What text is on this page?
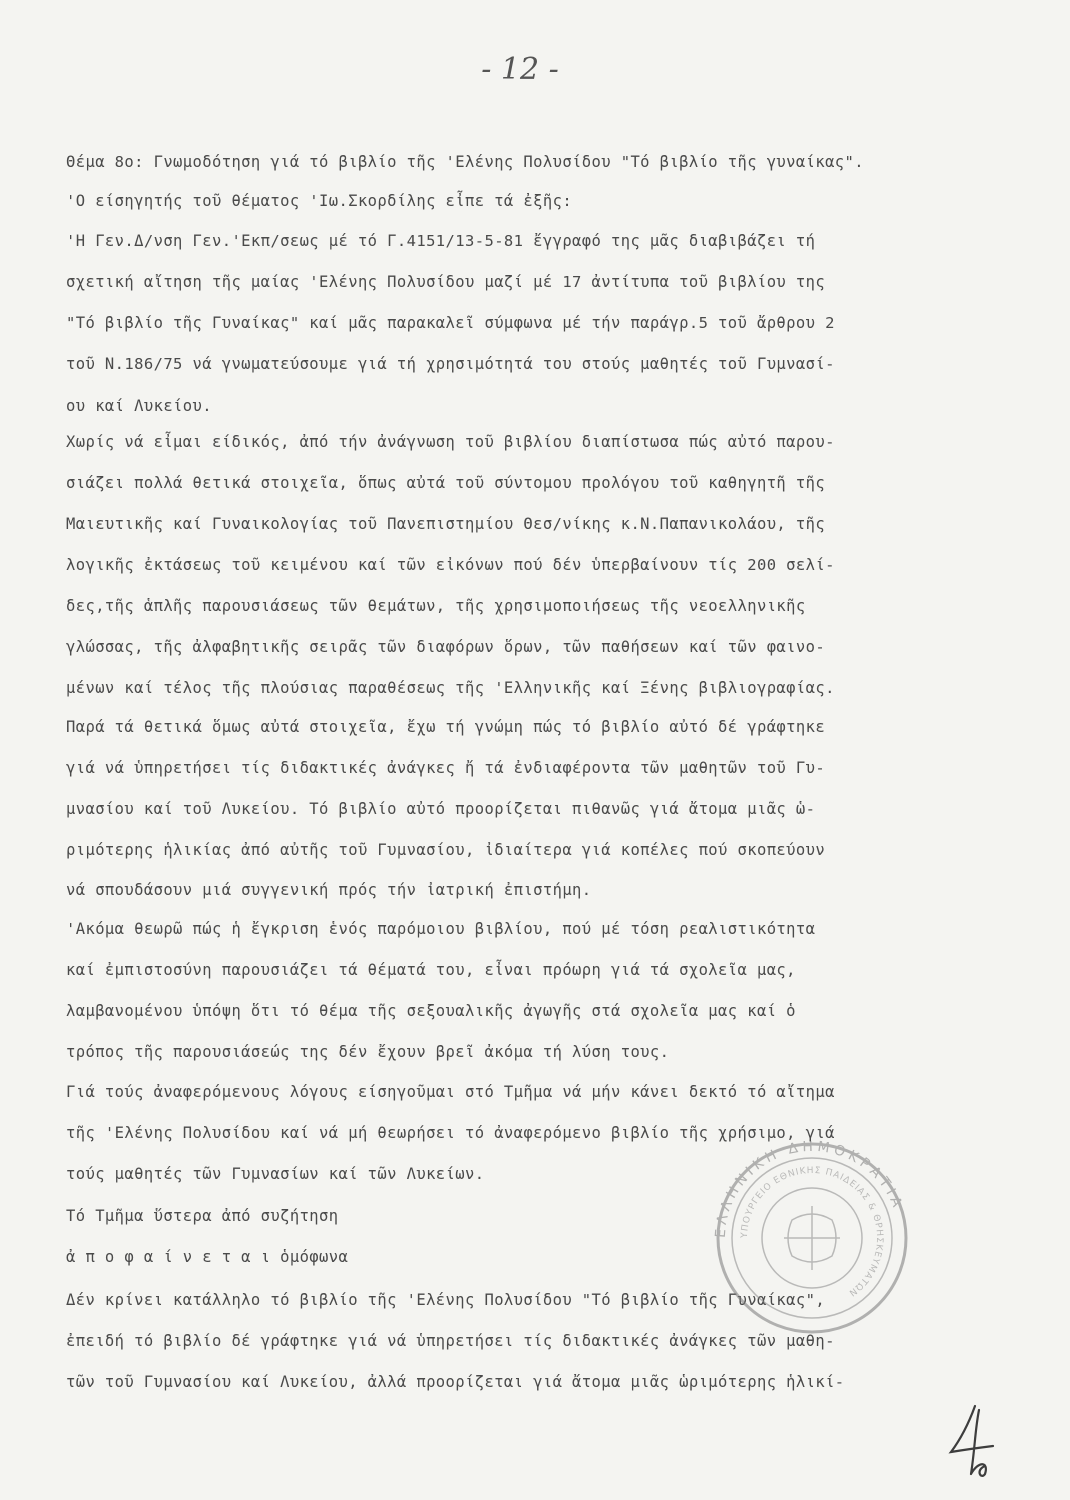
- 12 -
Θέμα 8ο: Γνωμοδότηση γιά τό βιβλίο τῆς 'Ελένης Πολυσίδου "Τό βιβλίο τῆς γυναίκας".
'Ο είσηγητής τοῦ θέματος 'Ιω.Σκορδίλης εἶπε τά ἐξῆς:
'Η Γεν.Δ/νση Γεν.'Εκπ/σεως μέ τό Γ.4151/13-5-81 ἔγγραφό της μᾶς διαβιβάζει τή
σχετική αἴτηση τῆς μαίας 'Ελένης Πολυσίδου μαζί μέ 17 ἀντίτυπα τοῦ βιβλίου της
"Τό βιβλίο τῆς Γυναίκας" καί μᾶς παρακαλεῖ σύμφωνα μέ τήν παράγρ.5 τοῦ ἄρθρου 2
τοῦ Ν.186/75 νά γνωματεύσουμε γιά τή χρησιμότητά του στούς μαθητές τοῦ Γυμνασί-
ου καί Λυκείου.
Χωρίς νά εἶμαι είδικός, ἀπό τήν ἀνάγνωση τοῦ βιβλίου διαπίστωσα πώς αὐτό παρου-
σιάζει πολλά θετικά στοιχεῖα, ὅπως αὐτά τοῦ σύντομου προλόγου τοῦ καθηγητῆ τῆς
Μαιευτικῆς καί Γυναικολογίας τοῦ Πανεπιστημίου Θεσ/νίκης κ.Ν.Παπανικολάου, τῆς
λογικῆς ἐκτάσεως τοῦ κειμένου καί τῶν εἰκόνων πού δέν ὑπερβαίνουν τίς 200 σελί-
δες,τῆς ἁπλῆς παρουσιάσεως τῶν θεμάτων, τῆς χρησιμοποιήσεως τῆς νεοελληνικῆς
γλώσσας, τῆς ἀλφαβητικῆς σειρᾶς τῶν διαφόρων ὅρων, τῶν παθήσεων καί τῶν φαινο-
μένων καί τέλος τῆς πλούσιας παραθέσεως τῆς 'Ελληνικῆς καί Ξένης βιβλιογραφίας.
Παρά τά θετικά ὅμως αὐτά στοιχεῖα, ἔχω τή γνώμη πώς τό βιβλίο αὐτό δέ γράφτηκε
γιά νά ὑπηρετήσει τίς διδακτικές ἀνάγκες ἤ τά ἐνδιαφέροντα τῶν μαθητῶν τοῦ Γυ-
μνασίου καί τοῦ Λυκείου. Τό βιβλίο αὐτό προορίζεται πιθανῶς γιά ἄτομα μιᾶς ὡ-
ριμότερης ἡλικίας ἀπό αὐτῆς τοῦ Γυμνασίου, ἰδιαίτερα γιά κοπέλες πού σκοπεύουν
νά σπουδάσουν μιά συγγενική πρός τήν ἰατρική ἐπιστήμη.
'Ακόμα θεωρῶ πώς ἡ ἔγκριση ἑνός παρόμοιου βιβλίου, πού μέ τόση ρεαλιστικότητα
καί ἐμπιστοσύνη παρουσιάζει τά θέματά του, εἶναι πρόωρη γιά τά σχολεῖα μας,
λαμβανομένου ὑπόψη ὅτι τό θέμα τῆς σεξουαλικῆς ἀγωγῆς στά σχολεῖα μας καί ὁ
τρόπος τῆς παρουσιάσεώς της δέν ἔχουν βρεῖ ἀκόμα τή λύση τους.
Γιά τούς ἀναφερόμενους λόγους είσηγοῦμαι στό Τμῆμα νά μήν κάνει δεκτό τό αἴτημα
τῆς 'Ελένης Πολυσίδου καί νά μή θεωρήσει τό ἀναφερόμενο βιβλίο τῆς χρήσιμο, γιά
τούς μαθητές τῶν Γυμνασίων καί τῶν Λυκείων.
Τό Τμῆμα ὕστερα ἀπό συζήτηση
ἀ π ο φ α ί ν ε τ α ι ὁμόφωνα
Δέν κρίνει κατάλληλο τό βιβλίο τῆς 'Ελένης Πολυσίδου "Τό βιβλίο τῆς Γυναίκας",
ἐπειδή τό βιβλίο δέ γράφτηκε γιά νά ὑπηρετήσει τίς διδακτικές ἀνάγκες τῶν μαθη-
τῶν τοῦ Γυμνασίου καί Λυκείου, ἀλλά προορίζεται γιά ἄτομα μιᾶς ὡριμότερης ἡλικί-
ΕΛΛΗΝΙΚΗ ΔΗΜΟΚΡΑΤΙΑ
ΥΠΟΥΡΓΕΙΟ ΕΘΝΙΚΗΣ ΠΑΙΔΕΙΑΣ & ΘΡΗΣΚΕΥΜΑΤΩΝ
